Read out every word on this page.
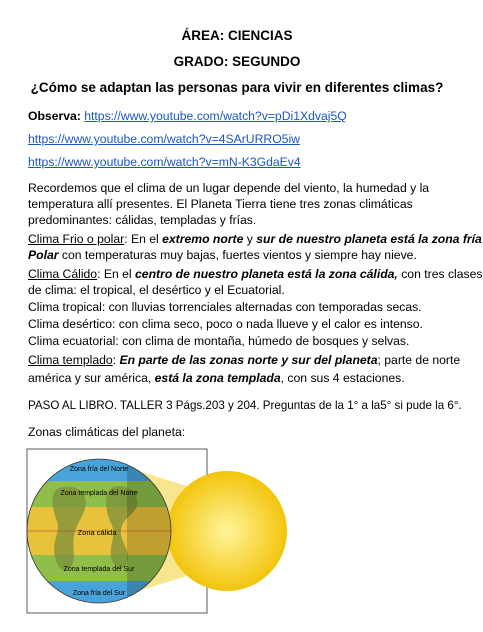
ÁREA: CIENCIAS
GRADO: SEGUNDO
¿Cómo se adaptan las personas para vivir en diferentes climas?
Observa: https://www.youtube.com/watch?v=pDi1Xdvaj5Q
https://www.youtube.com/watch?v=4SArURRO5iw
https://www.youtube.com/watch?v=mN-K3GdaEv4
Recordemos que el clima de un lugar depende del viento, la humedad y la
temperatura allí presentes. El Planeta Tierra tiene tres zonas climáticas
predominantes: cálidas, templadas y frías.
Clima Frio o polar: En el extremo norte y sur de nuestro planeta está la zona fría
Polar con temperaturas muy bajas, fuertes vientos y siempre hay nieve.
Clima Cálido: En el centro de nuestro planeta está la zona cálida, con tres clases
de clima: el tropical, el desértico y el Ecuatorial.
Clima tropical: con lluvias torrenciales alternadas con temporadas secas.
Clima desértico: con clima seco, poco o nada llueve y el calor es intenso.
Clima ecuatorial: con clima de montaña, húmedo de bosques y selvas.
Clima templado: En parte de las zonas norte y sur del planeta; parte de norte
américa y sur américa, está la zona templada, con sus 4 estaciones.
PASO AL LIBRO. TALLER 3 Págs.203 y 204. Preguntas de la 1° a la5° si pude la 6°.
Zonas climáticas del planeta:
Zona fría del Norte
Zona templada del Norte
Zona cálida
Zona templada del Sur
Zona fría del Sur
